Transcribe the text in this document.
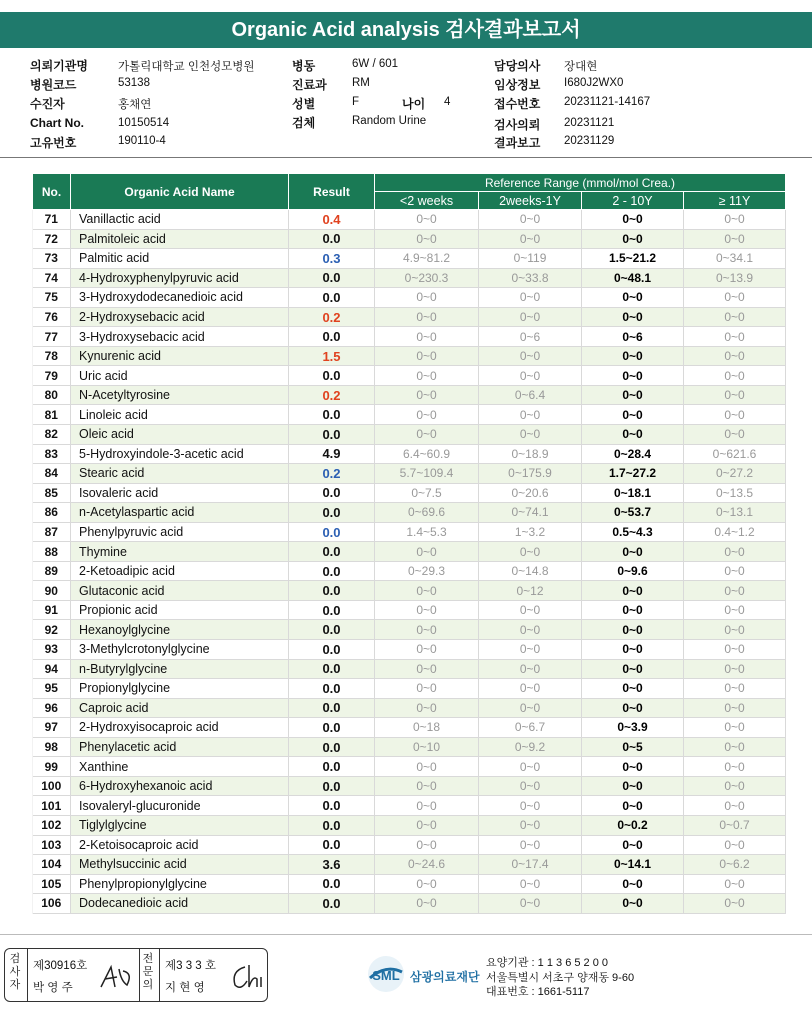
Organic Acid analysis 검사결과보고서
의뢰기관명	가톨릭대학교 인천성모병원
병원코드	53138
수진자	홍채연
Chart No.	10150514
고유번호	190110-4
병동	6W / 601
진료과 RM
성별	F	나이 4
검체	Random Urine
담당의사 장대현
임상정보 I680J2WX0
접수번호 20231121-14167
검사의뢰 20231121
결과보고 20231129
No.	Organic Acid Name	Result	Reference Range (mmol/mol Crea.)			
			<2 weeks	2weeks-1Y	2 - 10Y	≥ 11Y
71	Vanillactic acid	0.4	0~0	0~0	0~0	0~0
72	Palmitoleic acid	0.0	0~0	0~0	0~0	0~0
73	Palmitic acid	0.3	4.9~81.2	0~119	1.5~21.2	0~34.1
74	4-Hydroxyphenylpyruvic acid	0.0	0~230.3	0~33.8	0~48.1	0~13.9
75	3-Hydroxydodecanedioic acid	0.0	0~0	0~0	0~0	0~0
76	2-Hydroxysebacic acid	0.2	0~0	0~0	0~0	0~0
77	3-Hydroxysebacic acid	0.0	0~0	0~6	0~6	0~0
78	Kynurenic acid	1.5	0~0	0~0	0~0	0~0
79	Uric acid	0.0	0~0	0~0	0~0	0~0
80	N-Acetyltyrosine	0.2	0~0	0~6.4	0~0	0~0
81	Linoleic acid	0.0	0~0	0~0	0~0	0~0
82	Oleic acid	0.0	0~0	0~0	0~0	0~0
83	5-Hydroxyindole-3-acetic acid	4.9	6.4~60.9	0~18.9	0~28.4	0~621.6
84	Stearic acid	0.2	5.7~109.4	0~175.9	1.7~27.2	0~27.2
85	Isovaleric acid	0.0	0~7.5	0~20.6	0~18.1	0~13.5
86	n-Acetylaspartic acid	0.0	0~69.6	0~74.1	0~53.7	0~13.1
87	Phenylpyruvic acid	0.0	1.4~5.3	1~3.2	0.5~4.3	0.4~1.2
88	Thymine	0.0	0~0	0~0	0~0	0~0
89	2-Ketoadipic acid	0.0	0~29.3	0~14.8	0~9.6	0~0
90	Glutaconic acid	0.0	0~0	0~12	0~0	0~0
91	Propionic acid	0.0	0~0	0~0	0~0	0~0
92	Hexanoylglycine	0.0	0~0	0~0	0~0	0~0
93	3-Methylcrotonylglycine	0.0	0~0	0~0	0~0	0~0
94	n-Butyrylglycine	0.0	0~0	0~0	0~0	0~0
95	Propionylglycine	0.0	0~0	0~0	0~0	0~0
96	Caproic acid	0.0	0~0	0~0	0~0	0~0
97	2-Hydroxyisocaproic acid	0.0	0~18	0~6.7	0~3.9	0~0
98	Phenylacetic acid	0.0	0~10	0~9.2	0~5	0~0
99	Xanthine	0.0	0~0	0~0	0~0	0~0
100	6-Hydroxyhexanoic acid	0.0	0~0	0~0	0~0	0~0
101	Isovaleryl-glucuronide	0.0	0~0	0~0	0~0	0~0
102	Tiglylglycine	0.0	0~0	0~0	0~0.2	0~0.7
103	2-Ketoisocaproic acid	0.0	0~0	0~0	0~0	0~0
104	Methylsuccinic acid	3.6	0~24.6	0~17.4	0~14.1	0~6.2
105	Phenylpropionylglycine	0.0	0~0	0~0	0~0	0~0
106	Dodecanedioic acid	0.0	0~0	0~0	0~0	0~0
검
사
자
제30916호
박 영 주
전
문
의
제3 3 3 호
지 현 영
SML 삼광의료재단
요양기관 : 1 1 3 6 5 2 0 0
서울특별시 서초구 양재동 9-60
대표번호 : 1661-5117
